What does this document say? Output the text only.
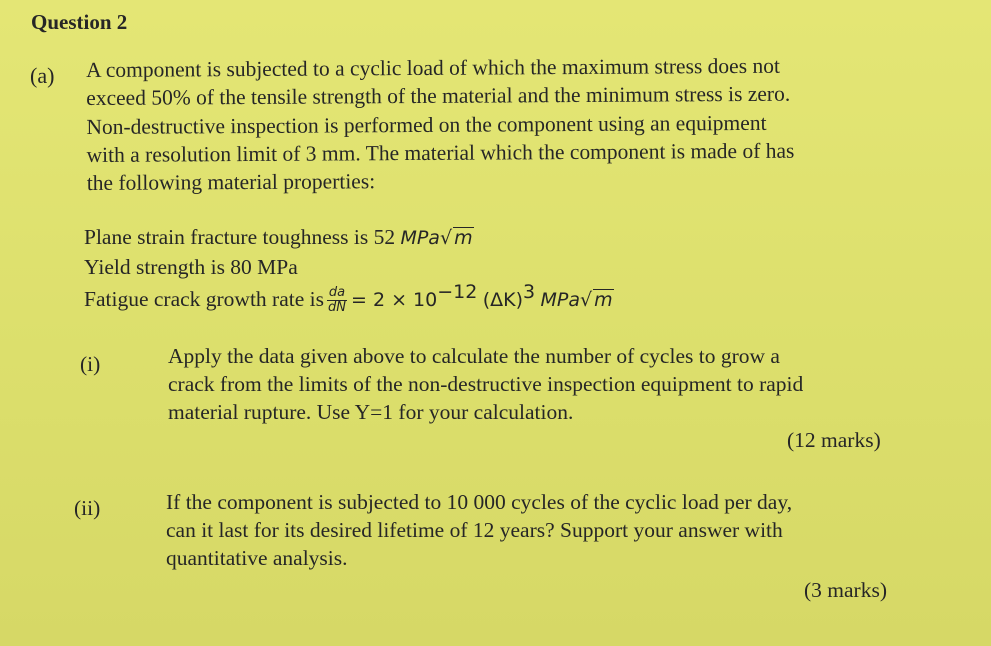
Question 2
(a) A component is subjected to a cyclic load of which the maximum stress does not
exceed 50% of the tensile strength of the material and the minimum stress is zero.
Non-destructive inspection is performed on the component using an equipment
with a resolution limit of 3 mm. The material which the component is made of has
the following material properties:
Plane strain fracture toughness is 52 MPa√ m
Yield strength is 80 MPa
Fatigue crack growth rate is $\frac{da}{dN} = 2 \times 10^{-12}$ $(\Delta K)^3$ MPa√ m
(i)	Apply the data given above to calculate the number of cycles to grow a
crack from the limits of the non-destructive inspection equipment to rapid
material rupture. Use Y=1 for your calculation.
(12 marks)
(ii)	If the component is subjected to 10 000 cycles of the cyclic load per day,
can it last for its desired lifetime of 12 years? Support your answer with
quantitative analysis.
(3 marks)
